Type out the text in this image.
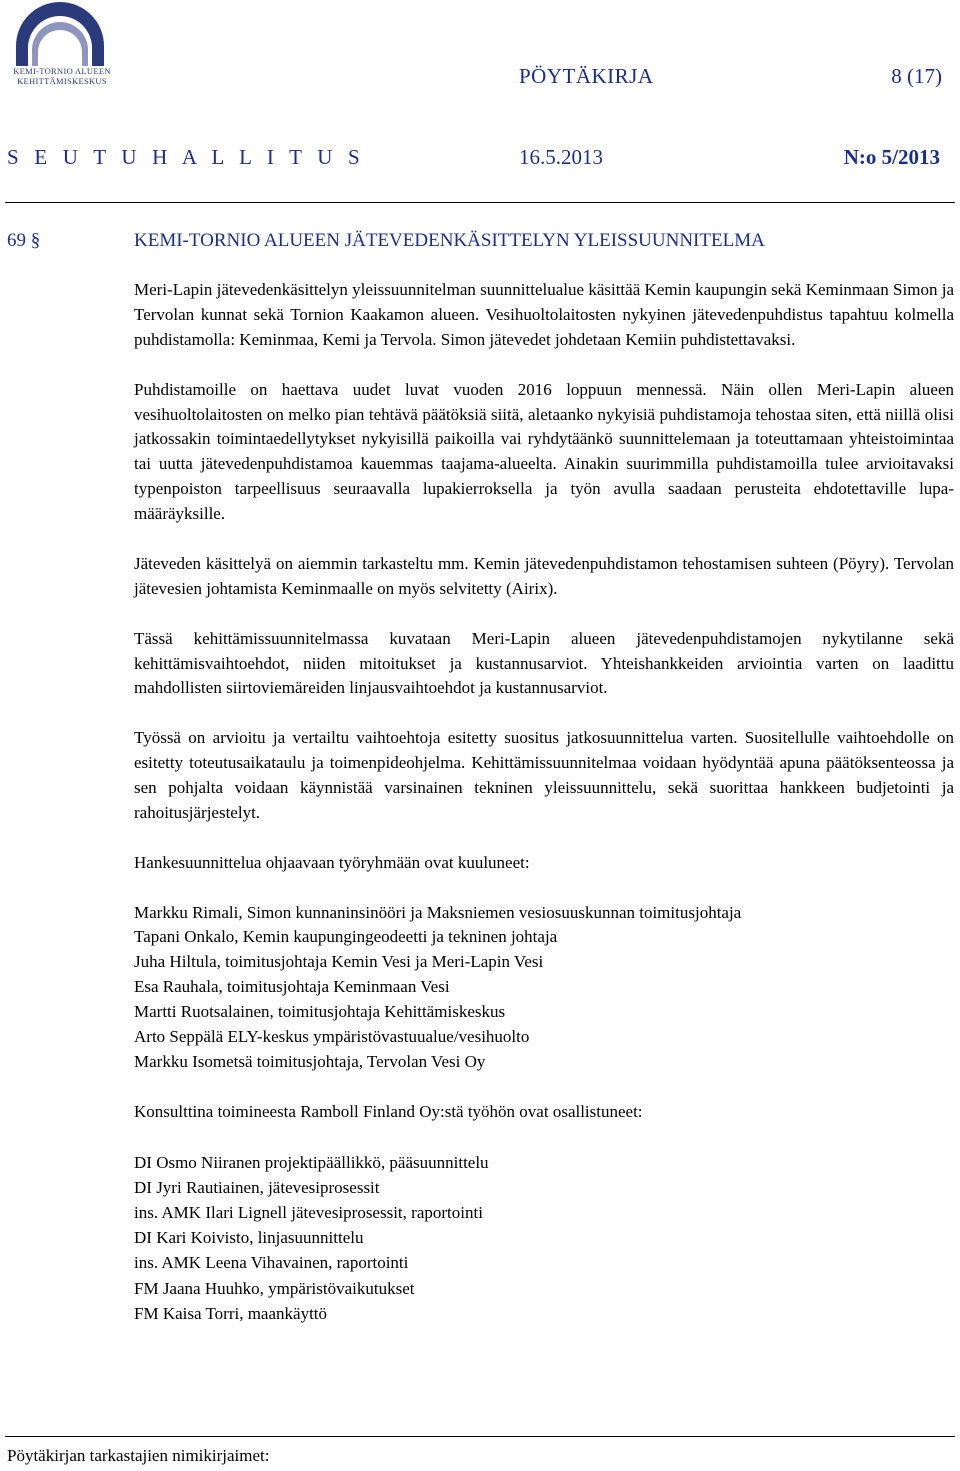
KEMI-TORNIO ALUEEN
KEHITTÄMISKESKUS	PÖYTÄKIRJA	8 (17)
S E U T U H A L L I T U S	16.5.2013	N:o 5/2013
69 §	KEMI-TORNIO ALUEEN JÄTEVEDENKÄSITTELYN YLEISSUUNNITELMA

Meri-Lapin jätevedenkäsittelyn yleissuunnitelman suunnittelualue käsittää Kemin kaupungin sekä Keminmaan Simon ja Tervolan kunnat sekä Tornion Kaakamon alueen. Vesihuoltolaitosten nykyinen jätevedenpuhdistus tapahtuu kolmella puhdistamolla: Keminmaa, Kemi ja Tervola. Simon jätevedet johdetaan Kemiin puhdistettavaksi.

Puhdistamoille on haettava uudet luvat vuoden 2016 loppuun mennessä. Näin ollen Meri-Lapin alueen vesihuoltolaitosten on melko pian tehtävä päätöksiä siitä, aletaanko nykyisiä puhdistamoja tehostaa siten, että niillä olisi jatkossakin toimintaedellytykset nykyisillä paikoilla vai ryhdytäänkö suunnittelemaan ja toteuttamaan yhteistoimintaa tai uutta jätevedenpuhdistamoa kauemmas taajama-alueelta. Ainakin suurimmilla puhdistamoilla tulee arvioitavaksi typenpoiston tarpeellisuus seuraavalla lupakierroksella ja työn avulla saadaan perusteita ehdotettaville lupa-määräyksille.

Jäteveden käsittelyä on aiemmin tarkasteltu mm. Kemin jätevedenpuhdistamon tehostamisen suhteen (Pöyry). Tervolan jätevesien johtamista Keminmaalle on myös selvitetty (Airix).

Tässä kehittämissuunnitelmassa kuvataan Meri-Lapin alueen jätevedenpuhdistamojen nykytilanne sekä kehittämisvaihtoehdot, niiden mitoitukset ja kustannusarviot. Yhteishankkeiden arviointia varten on laadittu mahdollisten siirtoviemäreiden linjausvaihtoehdot ja kustannusarviot.

Työssä on arvioitu ja vertailtu vaihtoehtoja esitetty suositus jatkosuunnittelua varten. Suositellulle vaihtoehdolle on esitetty toteutusaikataulu ja toimenpideohjelma. Kehittämissuunnitelmaa voidaan hyödyntää apuna päätöksenteossa ja sen pohjalta voidaan käynnistää varsinainen tekninen yleissuunnittelu, sekä suorittaa hankkeen budjetointi ja rahoitusjärjestelyt.

Hankesuunnittelua ohjaavaan työryhmään ovat kuuluneet:

Markku Rimali, Simon kunnaninsinööri ja Maksniemen vesiosuuskunnan toimitusjohtaja
Tapani Onkalo, Kemin kaupungingeodeetti ja tekninen johtaja
Juha Hiltula, toimitusjohtaja Kemin Vesi ja Meri-Lapin Vesi
Esa Rauhala, toimitusjohtaja Keminmaan Vesi
Martti Ruotsalainen, toimitusjohtaja Kehittämiskeskus
Arto Seppälä ELY-keskus ympäristövastuualue/vesihuolto
Markku Isometsä toimitusjohtaja, Tervolan Vesi Oy

Konsulttina toimineesta Ramboll Finland Oy:stä työhön ovat osallistuneet:

DI Osmo Niiranen projektipäällikkö, pääsuunnittelu
DI Jyri Rautiainen, jätevesiprosessit
ins. AMK Ilari Lignell jätevesiprosessit, raportointi
DI Kari Koivisto, linjasuunnittelu
ins. AMK Leena Vihavainen, raportointi
FM Jaana Huuhko, ympäristövaikutukset
FM Kaisa Torri, maankäyttö
Pöytäkirjan tarkastajien nimikirjaimet:
